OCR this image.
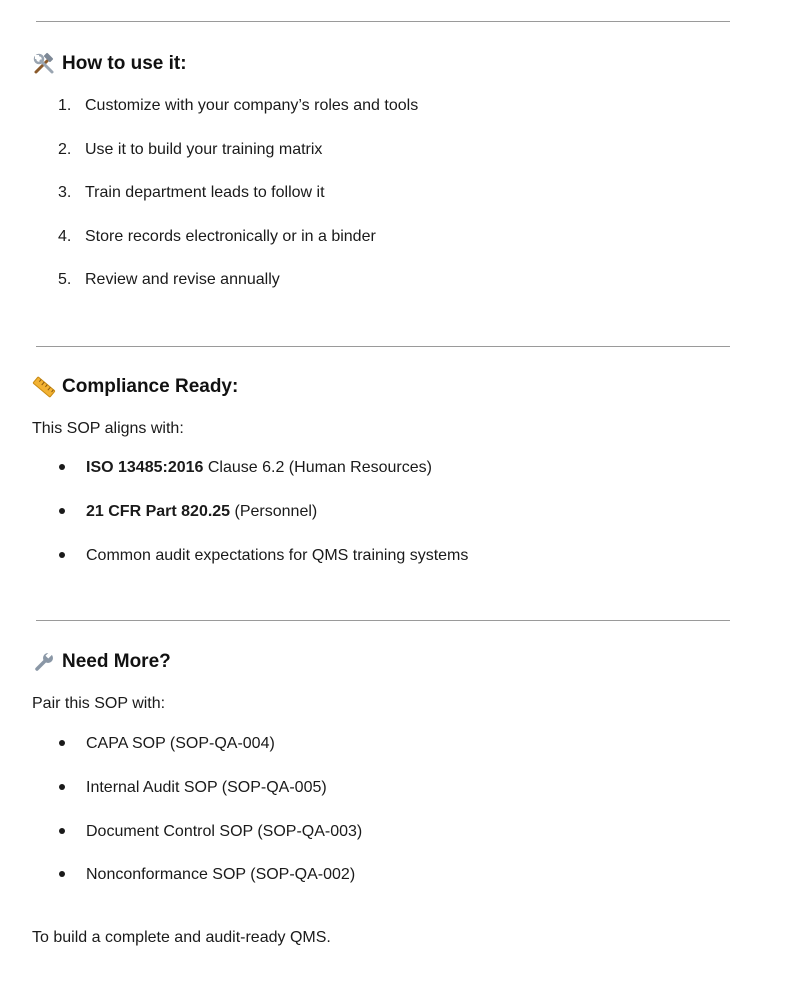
How to use it:
1. Customize with your company’s roles and tools
2. Use it to build your training matrix
3. Train department leads to follow it
4. Store records electronically or in a binder
5. Review and revise annually
Compliance Ready:
This SOP aligns with:
ISO 13485:2016 Clause 6.2 (Human Resources)
21 CFR Part 820.25 (Personnel)
Common audit expectations for QMS training systems
Need More?
Pair this SOP with:
CAPA SOP (SOP-QA-004)
Internal Audit SOP (SOP-QA-005)
Document Control SOP (SOP-QA-003)
Nonconformance SOP (SOP-QA-002)
To build a complete and audit-ready QMS.
